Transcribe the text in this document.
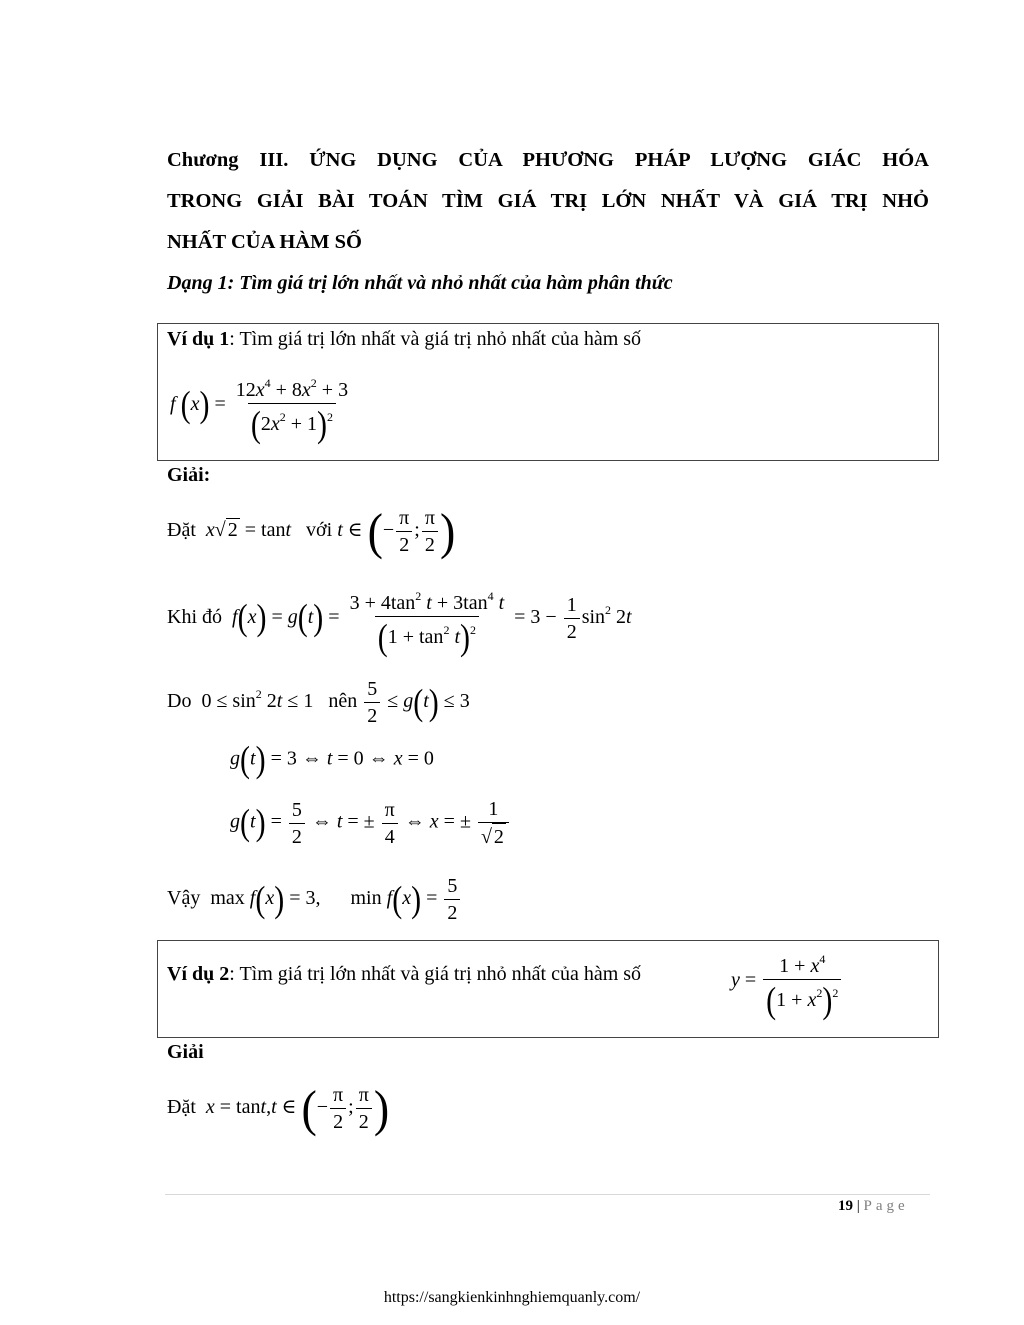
Chương III. ỨNG DỤNG CỦA PHƯƠNG PHÁP LƯỢNG GIÁC HÓA
TRONG GIẢI BÀI TOÁN TÌM GIÁ TRỊ LỚN NHẤT VÀ GIÁ TRỊ NHỎ
NHẤT CỦA HÀM SỐ
Dạng 1: Tìm giá trị lớn nhất và nhỏ nhất của hàm phân thức
Ví dụ 1: Tìm giá trị lớn nhất và giá trị nhỏ nhất của hàm số
f $(x) = \frac{12x^4 + 8x^2 + 3}{(2x^2 + 1)^2}$
Giải:
Đặt x√ 2 = tant với t ∈ (− $\frac{\pi}{2}$ ; $\frac{\pi}{2}$ )
Khi đó $f(x) = g(t) = \frac{3 + 4\tan^2 t + 3\tan^4 t}{(1 + \tan^2 t)^2} = 3 - \frac{1}{2} \sin^2 2t$
Do  $0 \le \sin^2 2t \le 1$   nên $\frac{5}{2} \le g(t) \le 3$
g(t) = 3 ⇔ t = 0 ⇔ x = 0
$g(t) = \frac{5}{2}$ ⇔ t = ± $\frac{\pi}{4}$ ⇔ x = ± $\frac{1}{√ 2}$
Vậy  max f(x) = 3,      $\min f(x) = \frac{5}{2}$
Ví dụ 2: Tìm giá trị lớn nhất và giá trị nhỏ nhất của hàm số	$y = \frac{1 + x^4}{(1 + x^2)^2}$
Giải
Đặt x = tant,t ∈ (− $\frac{\pi}{2}$ ; $\frac{\pi}{2}$ )
19 | Page
https://sangkienkinhnghiemquanly.com/
